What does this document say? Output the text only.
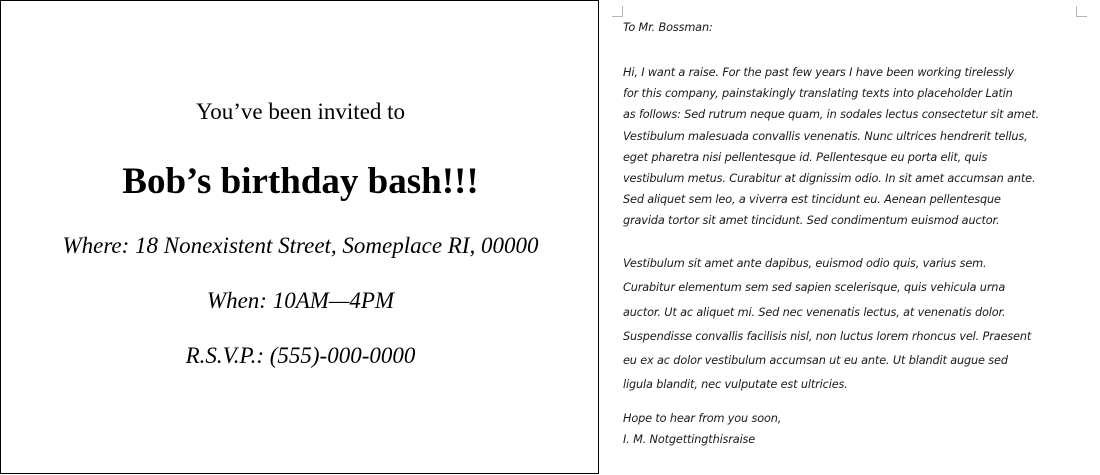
You’ve been invited to
Bob’s birthday bash!!!
Where: 18 Nonexistent Street, Someplace RI, 00000
When: 10AM—4PM
R.S.V.P.: (555)-000-0000
To Mr. Bossman:
Hi, I want a raise. For the past few years I have been working tirelessly
for this company, painstakingly translating texts into placeholder Latin
as follows: Sed rutrum neque quam, in sodales lectus consectetur sit amet.
Vestibulum malesuada convallis venenatis. Nunc ultrices hendrerit tellus,
eget pharetra nisi pellentesque id. Pellentesque eu porta elit, quis
vestibulum metus. Curabitur at dignissim odio. In sit amet accumsan ante.
Sed aliquet sem leo, a viverra est tincidunt eu. Aenean pellentesque
gravida tortor sit amet tincidunt. Sed condimentum euismod auctor.
Vestibulum sit amet ante dapibus, euismod odio quis, varius sem.
Curabitur elementum sem sed sapien scelerisque, quis vehicula urna
auctor. Ut ac aliquet mi. Sed nec venenatis lectus, at venenatis dolor.
Suspendisse convallis facilisis nisl, non luctus lorem rhoncus vel. Praesent
eu ex ac dolor vestibulum accumsan ut eu ante. Ut blandit augue sed
ligula blandit, nec vulputate est ultricies.
Hope to hear from you soon,
I. M. Notgettingthisraise
